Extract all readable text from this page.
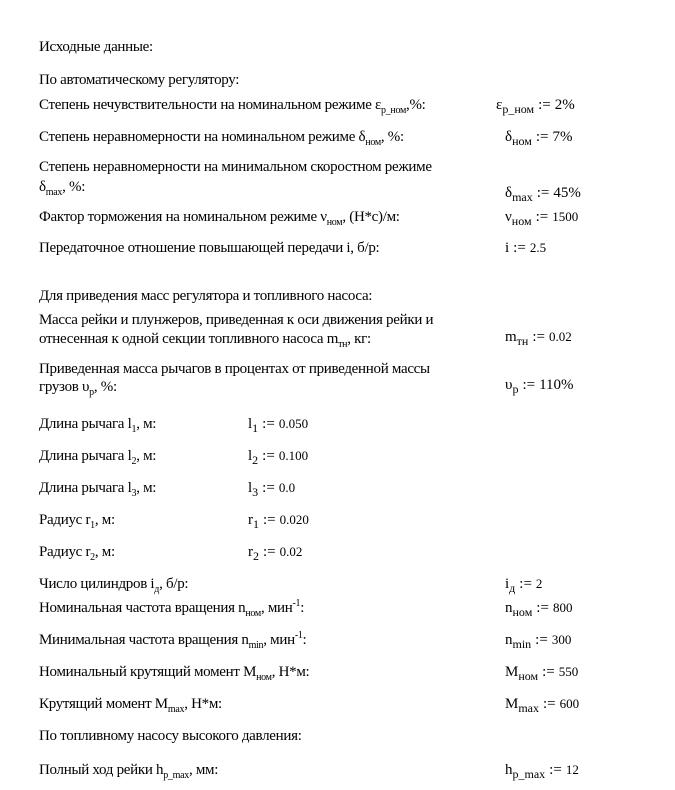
Исходные данные:
По автоматическому регулятору:
Степень нечувствительности на номинальном режиме $\varepsilon_{р\_ном},\%$:	$\varepsilon_{р\_ном}$ := 2%
Степень неравномерности на номинальном режиме $\delta_{ном}$, %:	$\delta_{ном}$ := 7%
Степень неравномерности на минимальном скоростном режиме
$\delta_{max}$, %:	$\delta_{max}$ := 45%
Фактор торможения на номинальном режиме $\nu_{ном}$, (Н*с)/м:	$\nu_{ном}$ := 1500
Передаточное отношение повышающей передачи i, б/р:	i := 2.5
Для приведения масс регулятора и топливного насоса:
Масса рейки и плунжеров, приведенная к оси движения рейки и
отнесенная к одной секции топливного насоса $m_{тн}$, кг:	$m_{тн}$ := 0.02
Приведенная масса рычагов в процентах от приведенной массы
грузов $\upsilon_р$, %:	$\upsilon_р$ := 110%
Длина рычага $l_1$, м:	$l_1$ := 0.050
Длина рычага $l_2$, м:	$l_2$ := 0.100
Длина рычага $l_3$, м:	$l_3$ := 0.0
Радиус $r_1$, м:	$r_1$ := 0.020
Радиус $r_2$, м:	$r_2$ := 0.02
Число цилиндров $i_д$, б/р:	$i_д$ := 2
Номинальная частота вращения $n_{ном}$, мин$^{-1}$:	$n_{ном}$ := 800
Минимальная частота вращения $n_{min}$, мин$^{-1}$:	$n_{min}$ := 300
Номинальный крутящий момент $M_{ном}$, Н*м:	$M_{ном}$ := 550
Крутящий момент $M_{max}$, Н*м:	$M_{max}$ := 600
По топливному насосу высокого давления:
Полный ход рейки $h_{р\_max}$, мм:	$h_{р\_max}$ := 12
